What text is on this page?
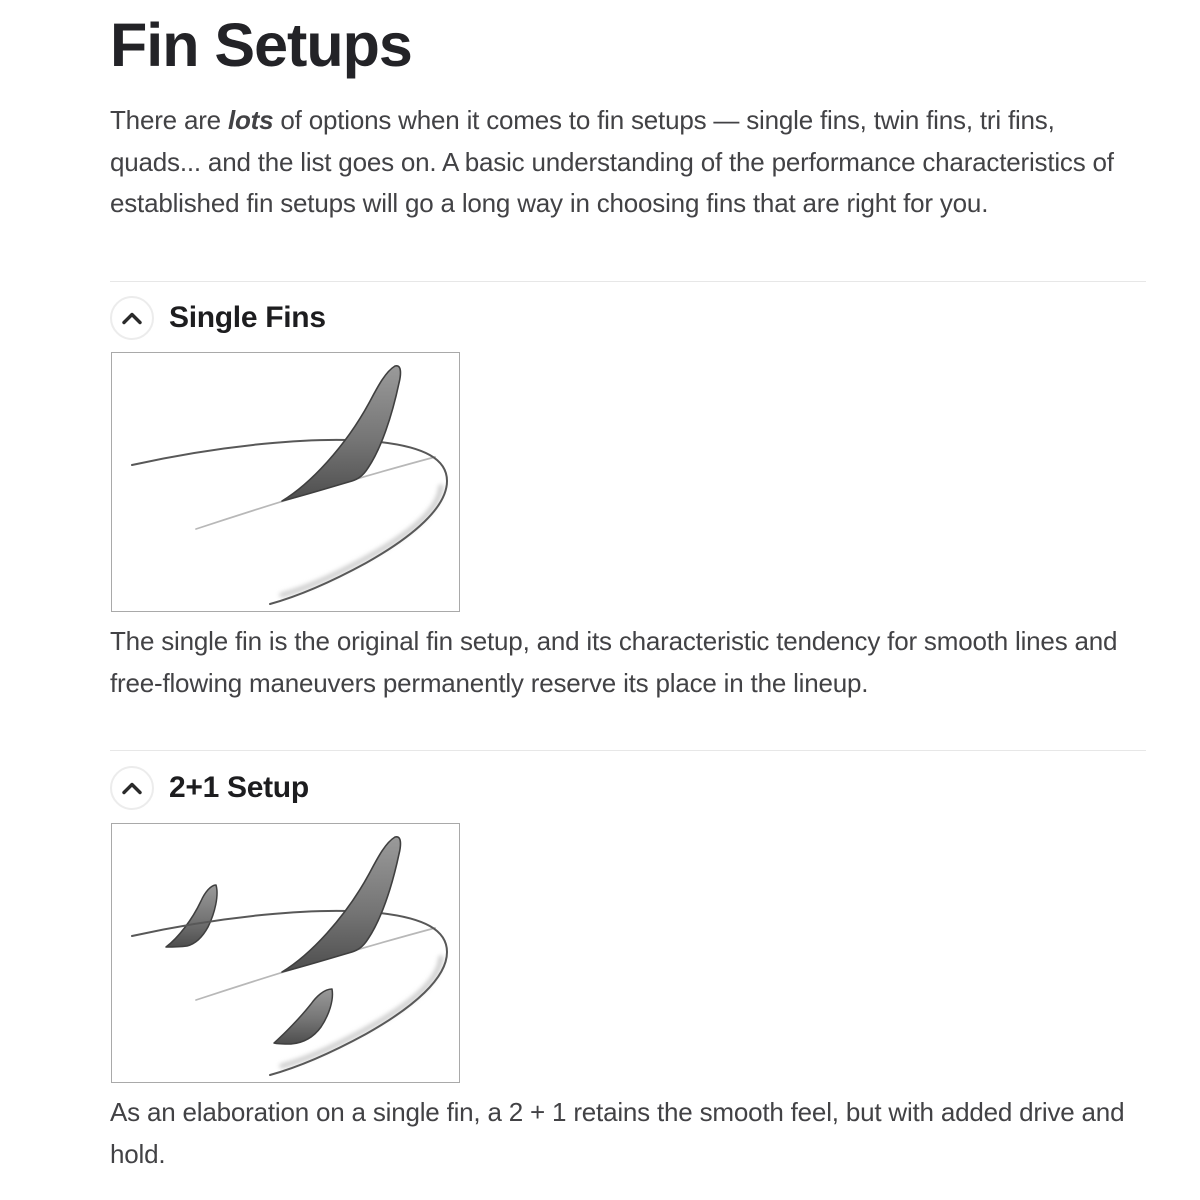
Fin Setups

There are lots of options when it comes to fin setups — single fins, twin fins, tri fins,
quads... and the list goes on. A basic understanding of the performance characteristics of
established fin setups will go a long way in choosing fins that are right for you.

Single Fins

The single fin is the original fin setup, and its characteristic tendency for smooth lines and
free-flowing maneuvers permanently reserve its place in the lineup.

2+1 Setup

As an elaboration on a single fin, a 2 + 1 retains the smooth feel, but with added drive and
hold.
